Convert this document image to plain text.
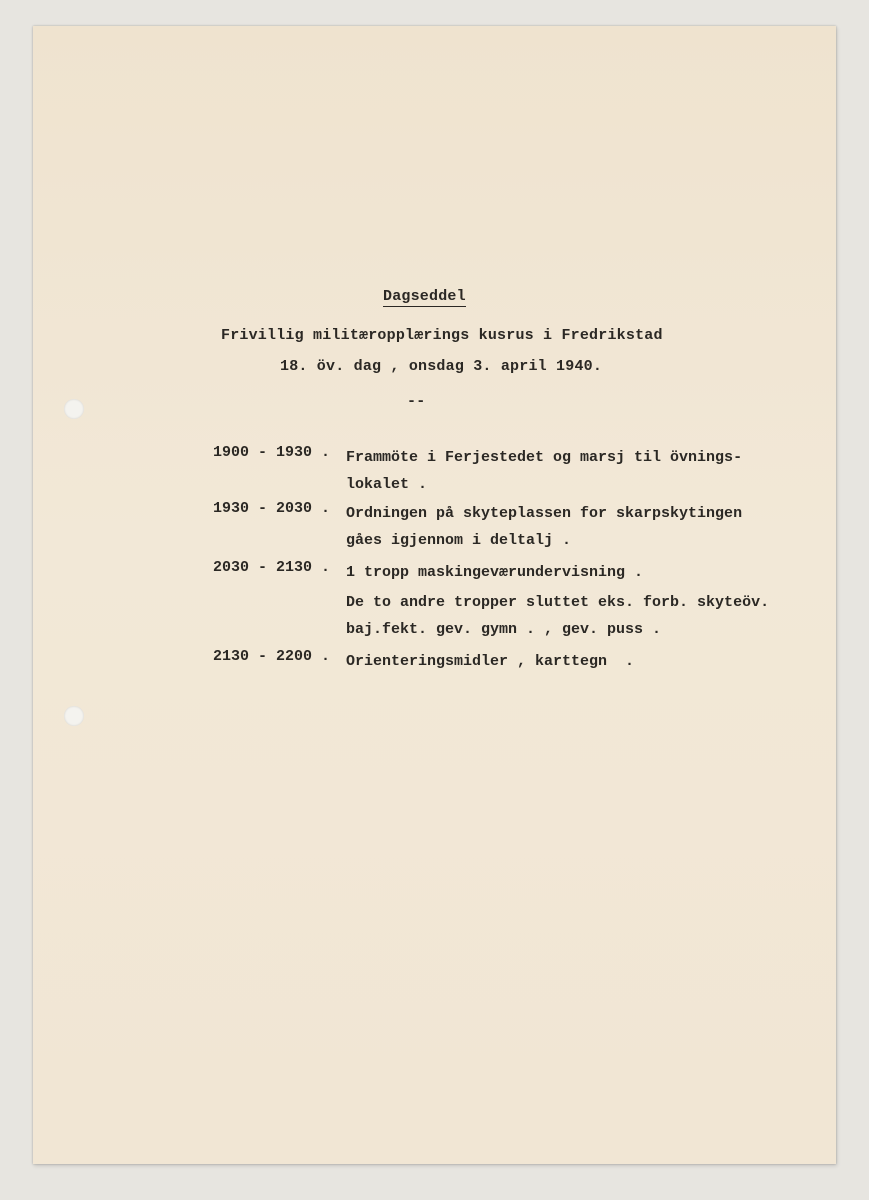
Dagseddel
Frivillig militæropplærings kusrus i Fredrikstad
18. öv. dag , onsdag 3. april 1940.
--
1900 - 1930 . Frammöte i Ferjestedet og marsj til övnings-
lokalet .
1930 - 2030 . Ordningen på skyteplassen for skarpskytingen
gåes igjennom i deltalj .
2030 - 2130 . 1 tropp maskingeværundervisning .
De to andre tropper sluttet eks. forb. skyteöv.
baj.fekt. gev. gymn . , gev. puss .
2130 - 2200 . Orienteringsmidler , karttegn  .
